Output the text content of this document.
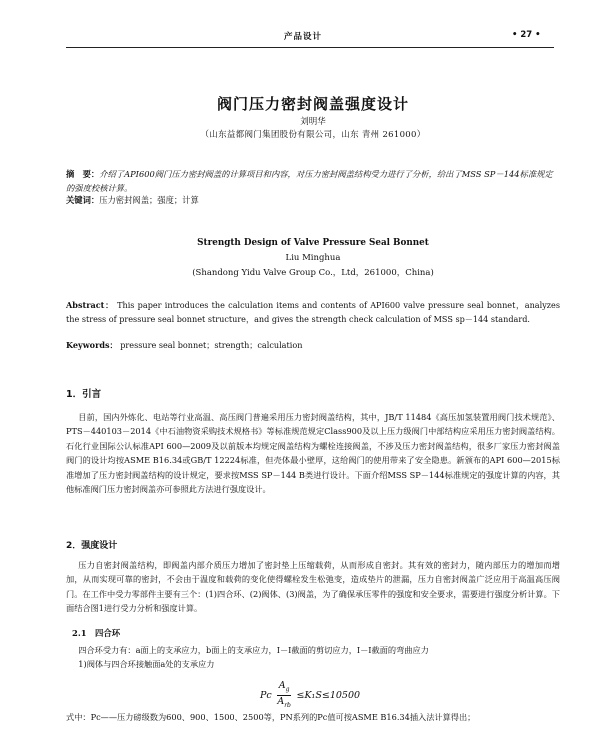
产品设计	• 27 •
阀门压力密封阀盖强度设计
刘明华
（山东益都阀门集团股份有限公司，山东 青州 261000）
摘　要：介绍了API600阀门压力密封阀盖的计算项目和内容，对压力密封阀盖结构受力进行了分析，给出了MSS SP－144标准规定的强度校核计算。
关键词：压力密封阀盖；强度；计算
Strength Design of Valve Pressure Seal Bonnet
Liu Minghua
(Shandong Yidu Valve Group Co.，Ltd，261000，China)
Abstract： This paper introduces the calculation items and contents of API600 valve pressure seal bonnet，analyzes the stress of pressure seal bonnet structure，and gives the strength check calculation of MSS sp－144 standard.
Keywords： pressure seal bonnet；strength；calculation
1．引言
目前，国内外炼化、电站等行业高温、高压阀门普遍采用压力密封阀盖结构，其中，JB/T 11484《高压加氢装置用阀门技术规范》、PTS－440103－2014《中石油物资采购技术规格书》等标准规范规定Class900及以上压力级阀门中部结构应采用压力密封阀盖结构。石化行业国际公认标准API 600—2009及以前版本均规定阀盖结构为螺栓连接阀盖，不涉及压力密封阀盖结构，很多厂家压力密封阀盖阀门的设计均按ASME B16.34或GB/T 12224标准，但壳体最小壁厚，这给阀门的使用带来了安全隐患。新颁布的API 600—2015标准增加了压力密封阀盖结构的设计规定，要求按MSS SP－144 B类进行设计。下面介绍MSS SP－144标准规定的强度计算的内容，其他标准阀门压力密封阀盖亦可参照此方法进行强度设计。
2．强度设计
压力自密封阀盖结构，即阀盖内部介质压力增加了密封垫上压缩载荷，从而形成自密封。其有效的密封力，随内部压力的增加而增加，从而实现可靠的密封，不会由于温度和载荷的变化使得螺栓发生松弛变，造成垫片的泄漏，压力自密封阀盖广泛应用于高温高压阀门。在工作中受力零部件主要有三个：(1)四合环、(2)阀体、(3)阀盖，为了确保承压零件的强度和安全要求，需要进行强度分析计算。下面结合图1进行受力分析和强度计算。
2.1　四合环
四合环受力有：a面上的支承应力，b面上的支承应力，Ⅰ－Ⅰ截面的剪切应力，Ⅰ－Ⅰ截面的弯曲应力
1)阀体与四合环接触面a处的支承应力
Pc $\frac{A_g}{A_{rb}} \le K_1S\le 10500$
式中：Pc——压力磅级数为600、900、1500、2500等，PN系列的Pc值可按ASME B16.34插入法计算得出；
